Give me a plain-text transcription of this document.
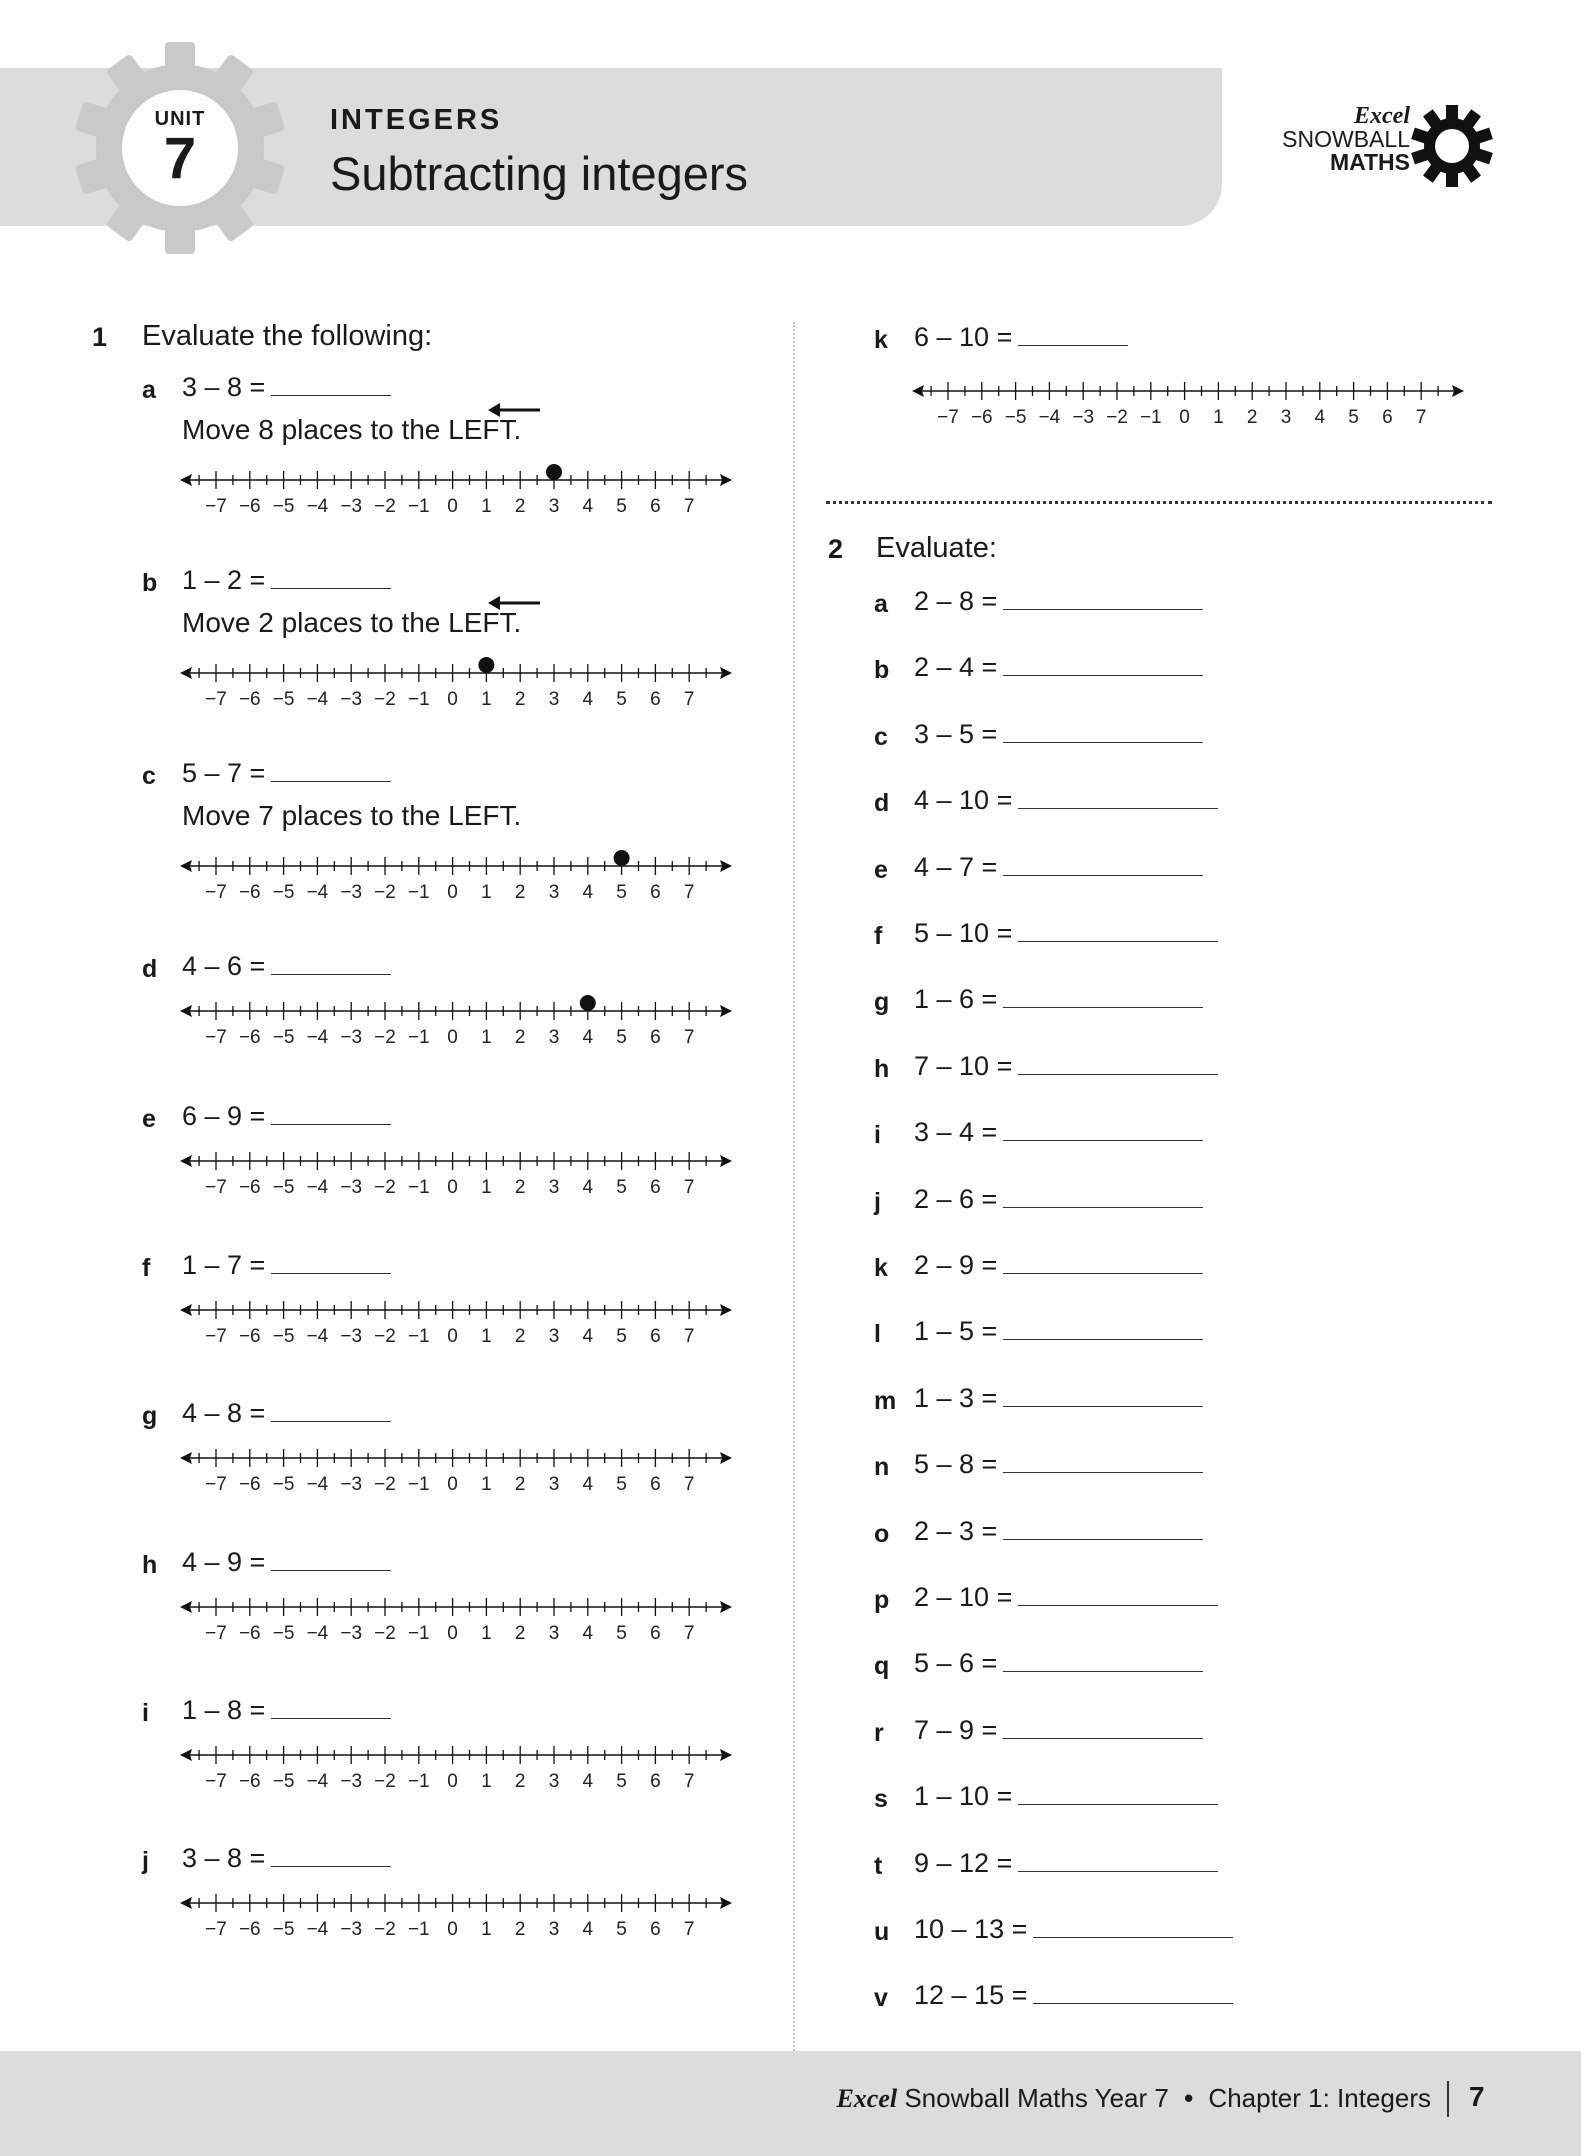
UNIT
7
INTEGERS
Subtracting integers
Excel
SNOWBALL
MATHS
1 Evaluate the following:
a 3 – 8 =
Move 8 places to the LEFT.
−7 −6 −5 −4 −3 −2 −1 0 1 2 3 4 5 6 7
b 1 – 2 =
Move 2 places to the LEFT.
−7 −6 −5 −4 −3 −2 −1 0 1 2 3 4 5 6 7
c 5 – 7 =
Move 7 places to the LEFT.
−7 −6 −5 −4 −3 −2 −1 0 1 2 3 4 5 6 7
d 4 – 6 =
−7 −6 −5 −4 −3 −2 −1 0 1 2 3 4 5 6 7
e 6 – 9 =
−7 −6 −5 −4 −3 −2 −1 0 1 2 3 4 5 6 7
f	1 – 7 =
−7 −6 −5 −4 −3 −2 −1 0 1 2 3 4 5 6 7
g 4 – 8 =
−7 −6 −5 −4 −3 −2 −1 0 1 2 3 4 5 6 7
h 4 – 9 =
−7 −6 −5 −4 −3 −2 −1 0 1 2 3 4 5 6 7
i	1 – 8 =
−7 −6 −5 −4 −3 −2 −1 0 1 2 3 4 5 6 7
j	3 – 8 =
−7 −6 −5 −4 −3 −2 −1 0 1 2 3 4 5 6 7
k 6 – 10 =
−7 −6 −5 −4 −3 −2 −1 0 1 2 3 4 5 6 7
2 Evaluate:
a 2 – 8 =
b 2 – 4 =
c 3 – 5 =
d 4 – 10 =
e 4 – 7 =
f	5 – 10 =
g 1 – 6 =
h 7 – 10 =
i	3 – 4 =
j	2 – 6 =
k 2 – 9 =
l	1 – 5 =
m 1 – 3 =
n 5 – 8 =
o 2 – 3 =
p 2 – 10 =
q 5 – 6 =
r	7 – 9 =
s 1 – 10 =
t	9 – 12 =
u 10 – 13 =
v 12 – 15 =
Excel Snowball Maths Year 7 • Chapter 1: Integers 7
